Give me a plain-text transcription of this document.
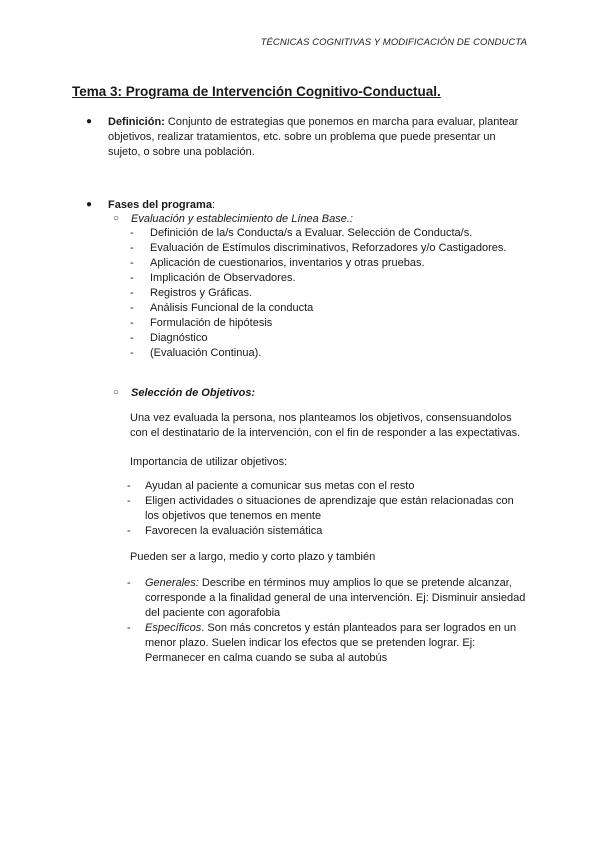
TÉCNICAS COGNITIVAS Y MODIFICACIÓN DE CONDUCTA
Tema 3: Programa de Intervención Cognitivo-Conductual.
● Definición: Conjunto de estrategias que ponemos en marcha para evaluar, plantear objetivos, realizar tratamientos, etc. sobre un problema que puede presentar un sujeto, o sobre una población.
● Fases del programa:
○ Evaluación y establecimiento de Línea Base.:
-	Definición de la/s Conducta/s a Evaluar. Selección de Conducta/s.
-	Evaluación de Estímulos discriminativos, Reforzadores y/o Castigadores.
-	Aplicación de cuestionarios, inventarios y otras pruebas.
-	Implicación de Observadores.
-	Registros y Gráficas.
-	Análisis Funcional de la conducta
-	Formulación de hipótesis
-	Diagnóstico
-	(Evaluación Continua).
○ Selección de Objetivos:
Una vez evaluada la persona, nos planteamos los objetivos, consensuandolos con el destinatario de la intervención, con el fin de responder a las expectativas.
Importancia de utilizar objetivos:
-	Ayudan al paciente a comunicar sus metas con el resto
-	Eligen actividades o situaciones de aprendizaje que están relacionadas con los objetivos que tenemos en mente
-	Favorecen la evaluación sistemática
Pueden ser a largo, medio y corto plazo y también
-	Generales: Describe en términos muy amplios lo que se pretende alcanzar, corresponde a la finalidad general de una intervención. Ej: Disminuir ansiedad del paciente con agorafobia
-	Específicos. Son más concretos y están planteados para ser logrados en un menor plazo. Suelen indicar los efectos que se pretenden lograr. Ej: Permanecer en calma cuando se suba al autobús
